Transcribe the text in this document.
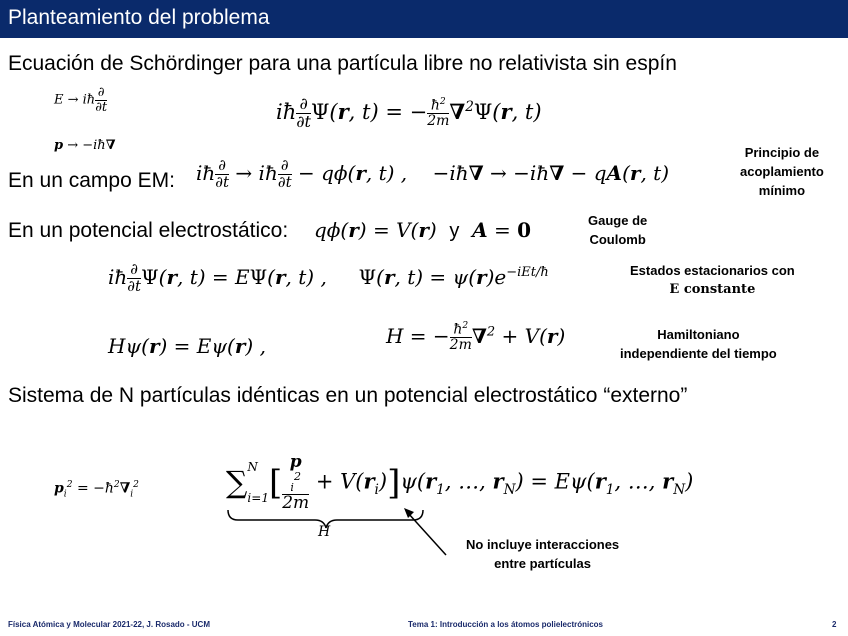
Planteamiento del problema
Ecuación de Schördinger para una partícula libre no relativista sin espín
E → iħ $\frac{\partial}{\partial t}$
p → −iħ∇
iħ $\frac{\partial}{\partial t} \Psi(r$, t) = − $\frac{ħ^2}{2m} \nabla^2\Psi(r$, t)
En un campo EM: iħ $\frac{\partial}{\partial t}$ → iħ $\frac{\partial}{\partial t} - q\phi(r$, t) ,    −iħ∇ → −iħ∇ − qA(r, t)
Principio de
acoplamiento
mínimo
En un potencial electrostático: qϕ(r) = V(r)  y A = 0	Gauge de
Coulomb
iħ $\frac{\partial}{\partial t} \Psi(r$, t) = EΨ(r, t) ,     Ψ(r, $t) = \psi(r)e^{-iEt/ħ}$	Estados estacionarios con
E constante
Hψ(r) = Eψ(r) ,	H = − $\frac{ħ^2}{2m} \nabla^2 + V(r)$	Hamiltoniano
independiente del tiempo
Sistema de N partículas idénticas en un potencial electrostático “externo”
$p_i^2$ = $-ħ^2\nabla_i^2$	∑ N
i=1 [ p
$_i^2$
$2m + V(r_i)]\psi(r_1$, …, $r_N) = E\psi(r_1$, …, $r_N$)
H
No incluye interacciones
entre partículas
Física Atómica y Molecular 2021-22, J. Rosado - UCM	Tema 1: Introducción a los átomos polielectrónicos	2
